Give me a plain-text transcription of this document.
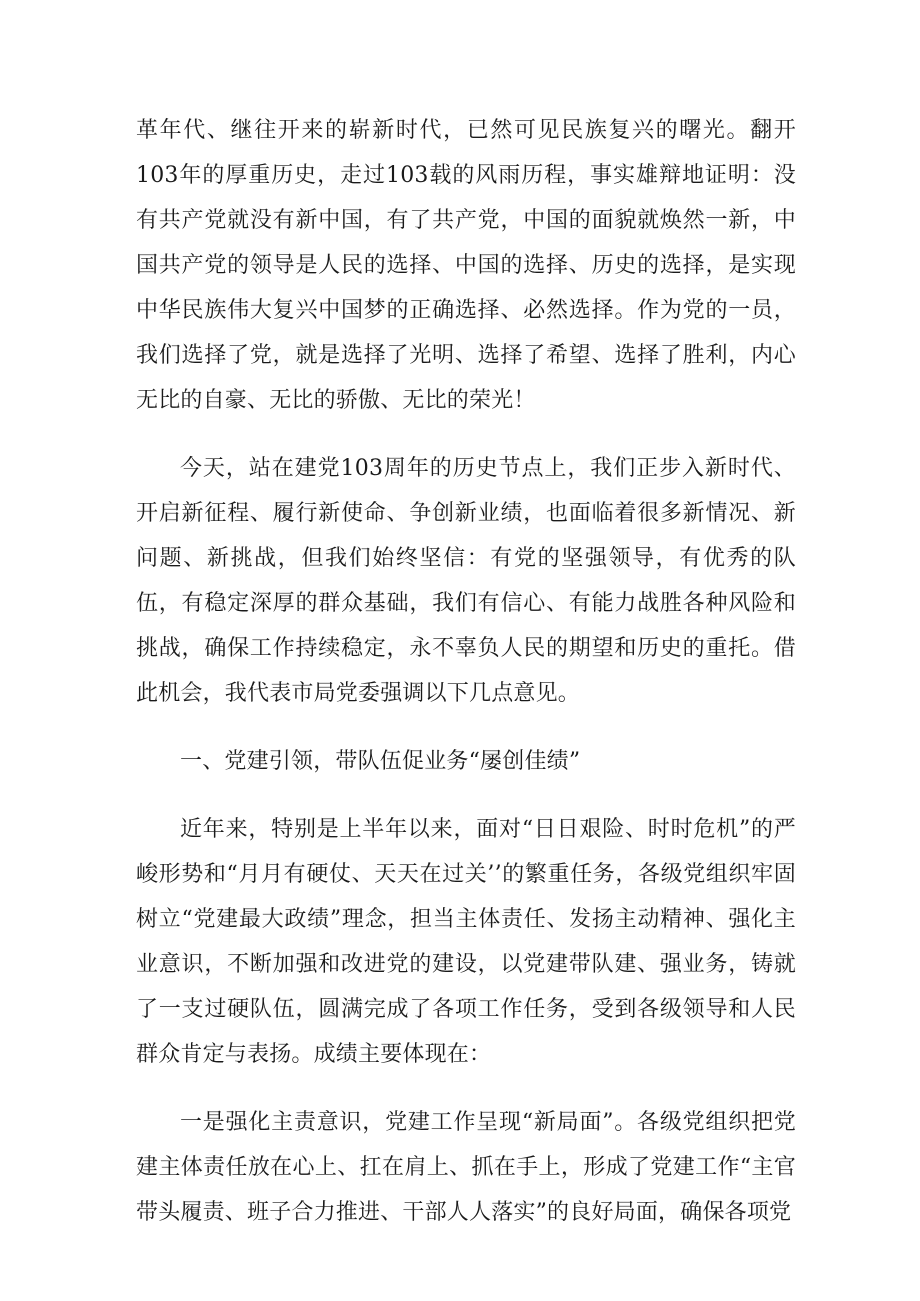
革年代、继往开来的崭新时代，已然可见民族复兴的曙光。翻开103年的厚重历史，走过103载的风雨历程，事实雄辩地证明：没有共产党就没有新中国，有了共产党，中国的面貌就焕然一新，中国共产党的领导是人民的选择、中国的选择、历史的选择，是实现中华民族伟大复兴中国梦的正确选择、必然选择。作为党的一员，我们选择了党，就是选择了光明、选择了希望、选择了胜利，内心无比的自豪、无比的骄傲、无比的荣光！

今天，站在建党103周年的历史节点上，我们正步入新时代、开启新征程、履行新使命、争创新业绩，也面临着很多新情况、新问题、新挑战，但我们始终坚信：有党的坚强领导，有优秀的队伍，有稳定深厚的群众基础，我们有信心、有能力战胜各种风险和挑战，确保工作持续稳定，永不辜负人民的期望和历史的重托。借此机会，我代表市局党委强调以下几点意见。

一、党建引领，带队伍促业务“屡创佳绩”

近年来，特别是上半年以来，面对“日日艰险、时时危机”的严峻形势和“月月有硬仗、天天在过关’’的繁重任务，各级党组织牢固树立“党建最大政绩”理念，担当主体责任、发扬主动精神、强化主业意识，不断加强和改进党的建设，以党建带队建、强业务，铸就了一支过硬队伍，圆满完成了各项工作任务，受到各级领导和人民群众肯定与表扬。成绩主要体现在：

一是强化主责意识，党建工作呈现“新局面”。各级党组织把党建主体责任放在心上、扛在肩上、抓在手上，形成了党建工作“主官带头履责、班子合力推进、干部人人落实”的良好局面，确保各项党
